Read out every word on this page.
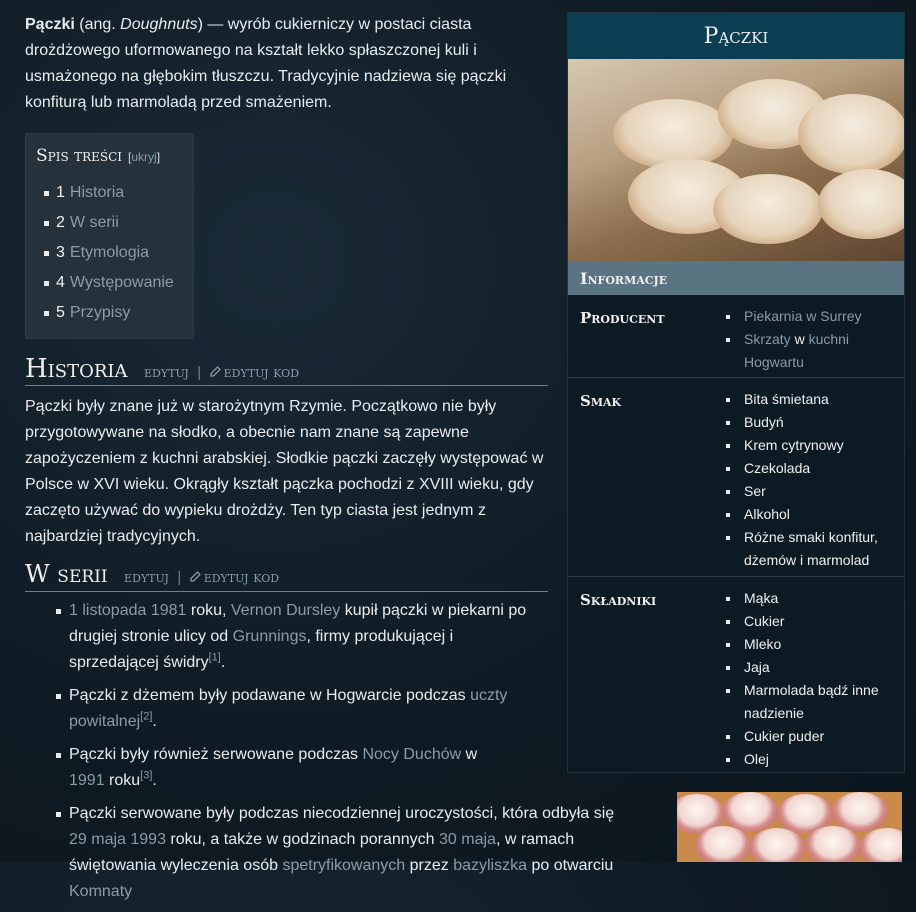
Pączki (ang. Doughnuts) — wyrób cukierniczy w postaci ciasta drożdżowego uformowanego na kształt lekko spłaszczonej kuli i usmażonego na głębokim tłuszczu. Tradycyjnie nadziewa się pączki konfiturą lub marmoladą przed smażeniem.

Spis treści [ukryj]
1 Historia
2 W serii
3 Etymologia
4 Występowanie
5 Przypisy
Historia edytuj | edytuj kod

Pączki były znane już w starożytnym Rzymie. Początkowo nie były przygotowywane na słodko, a obecnie nam znane są zapewne zapożyczeniem z kuchni arabskiej. Słodkie pączki zaczęły występować w Polsce w XVI wieku. Okrągły kształt pączka pochodzi z XVIII wieku, gdy zaczęto używać do wypieku drożdży. Ten typ ciasta jest jednym z najbardziej tradycyjnych.

W serii edytuj | edytuj kod
1 listopada 1981 roku, Vernon Dursley kupił pączki w piekarni po drugiej stronie ulicy od Grunnings, firmy produkującej i sprzedającej świdry[1].
Pączki z dżemem były podawane w Hogwarcie podczas uczty powitalnej[2].
Pączki były również serwowane podczas Nocy Duchów w 1991 roku[3].
Pączki serwowane były podczas niecodziennej uroczystości, która odbyła się 29 maja 1993 roku, a także w godzinach porannych 30 maja, w ramach świętowania wyleczenia osób spetryfikowanych przez bazyliszka po otwarciu Komnaty
Pączki
Informacje
Producent	Piekarnia w Surrey
Skrzaty w kuchni Hogwartu
Smak	Bita śmietana
Budyń
Krem cytrynowy
Czekolada
Ser
Alkohol
Różne smaki konfitur, dżemów i marmolad
Składniki	Mąka
Cukier
Mleko
Jaja
Marmolada bądź inne nadzienie
Cukier puder
Olej
